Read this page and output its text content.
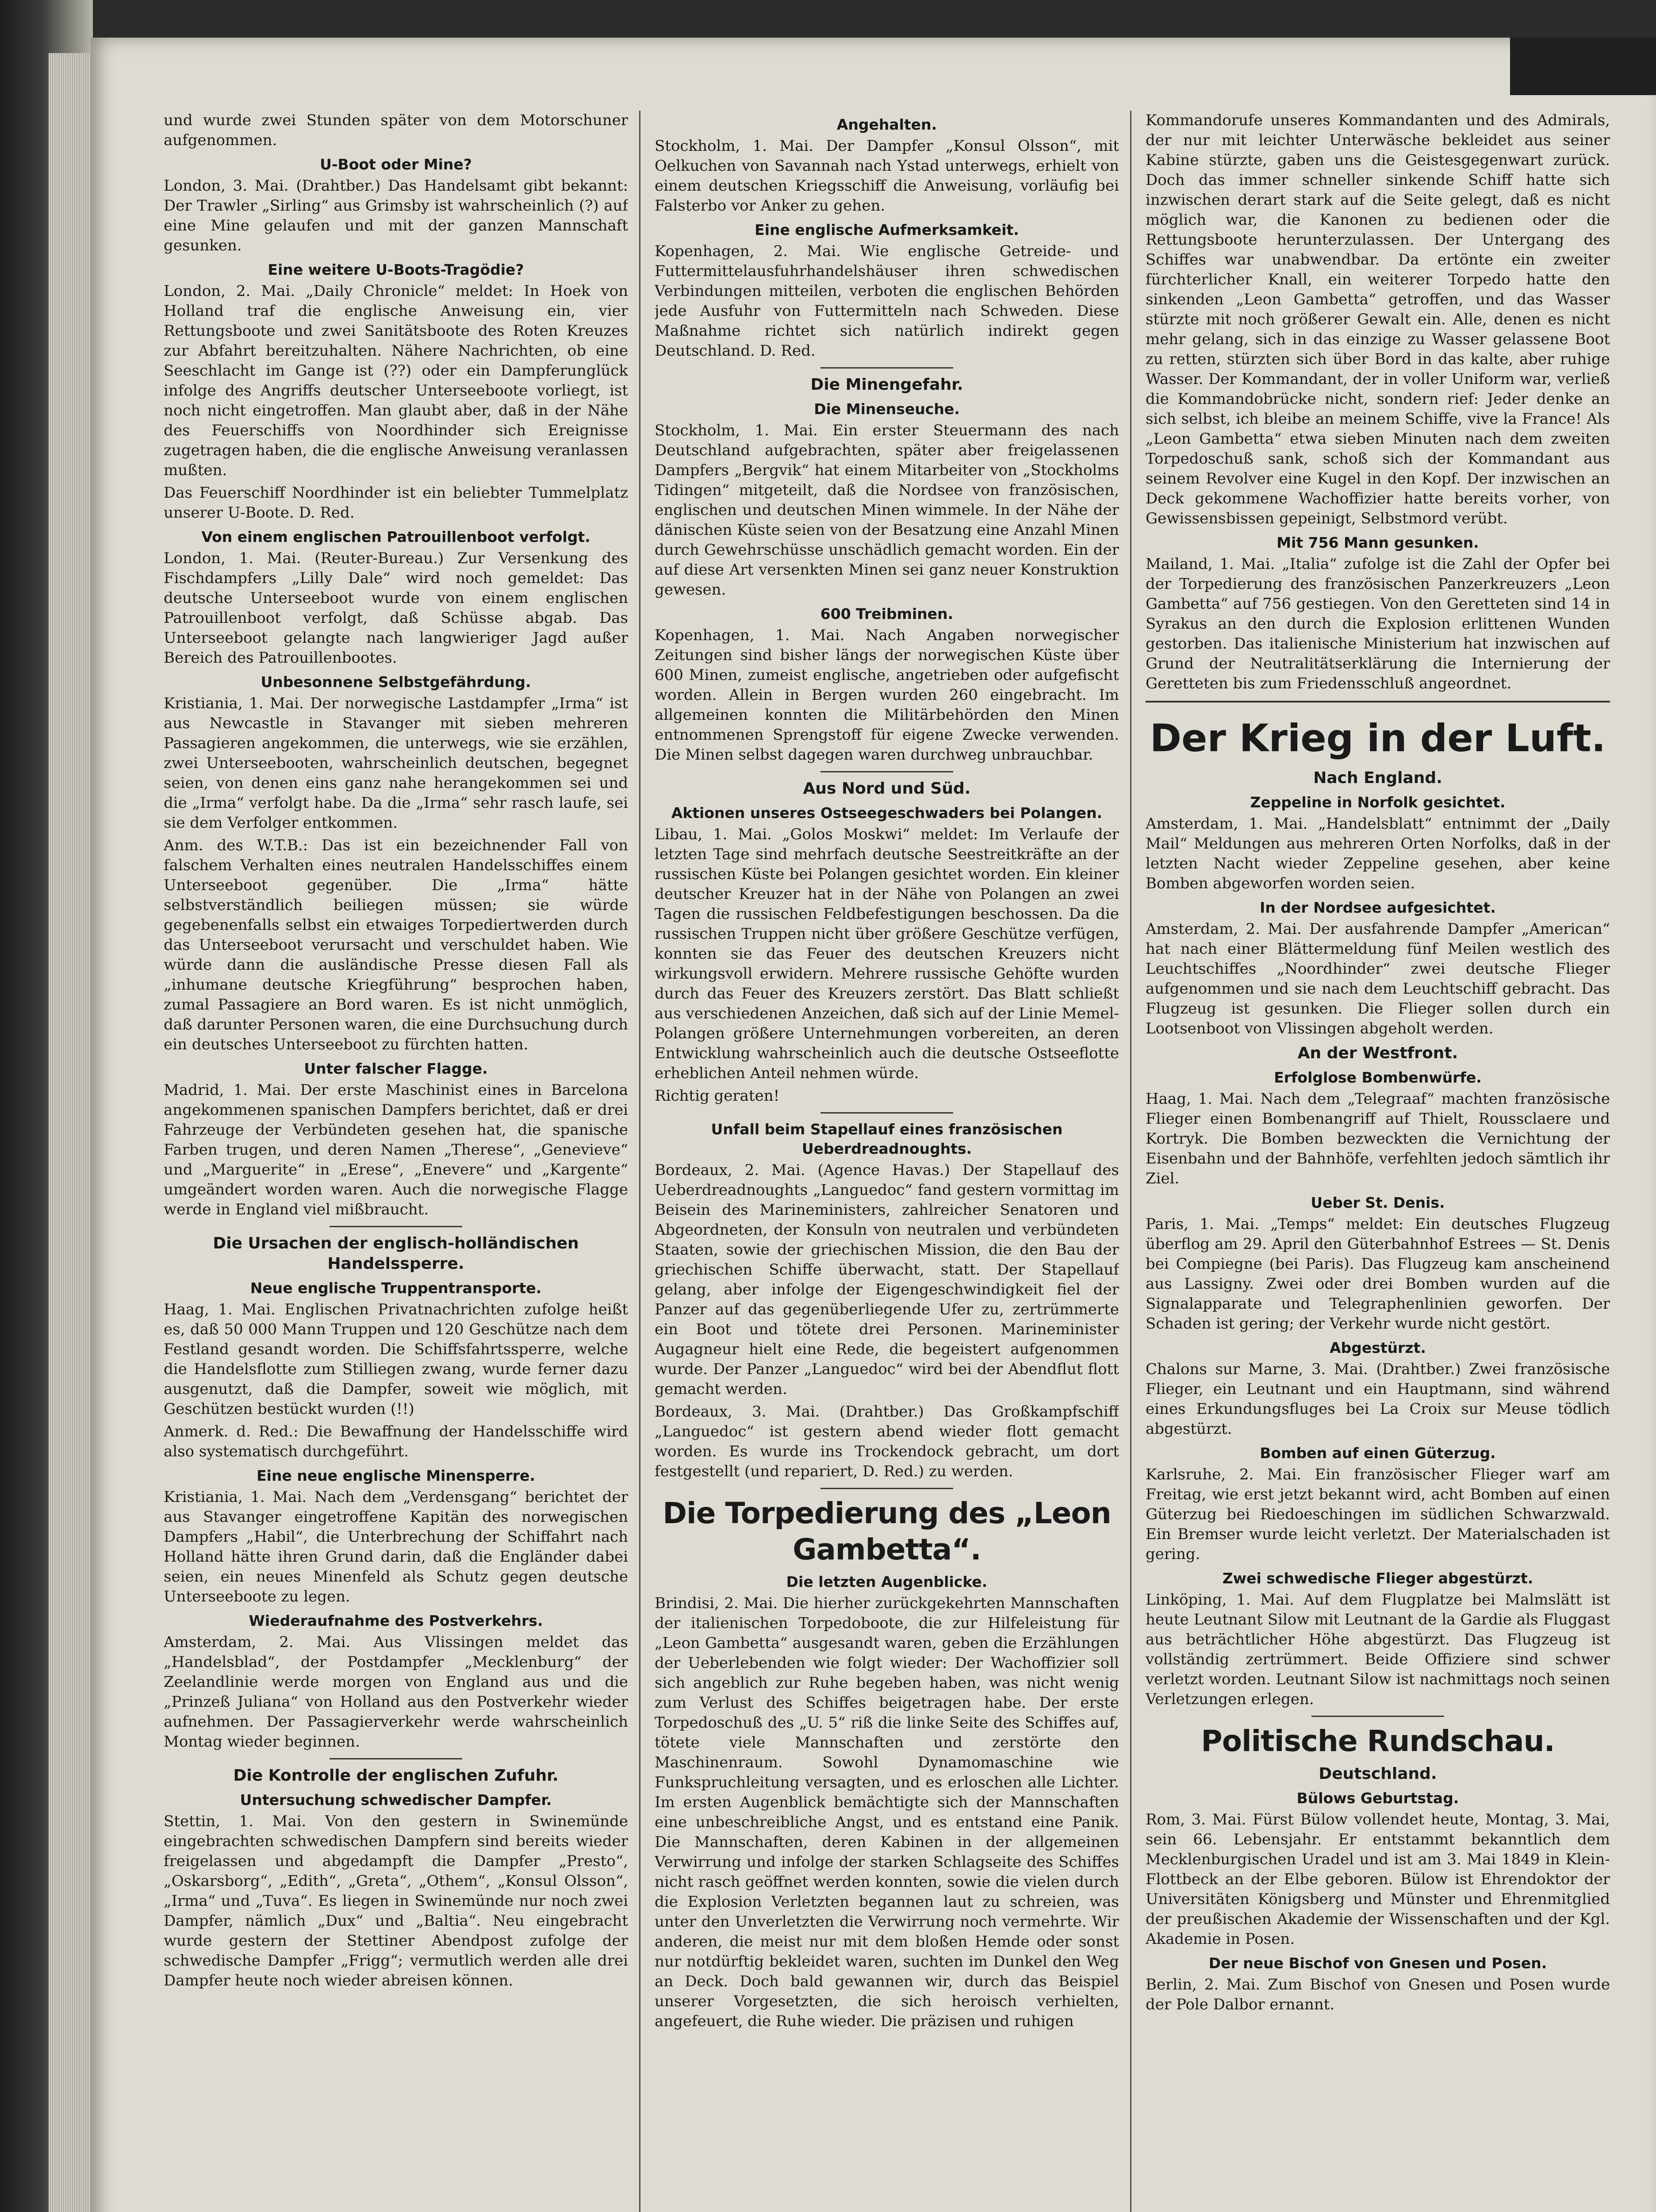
und wurde zwei Stunden später von dem Motorschuner aufgenommen.

U-Boot oder Mine?

London, 3. Mai. (Drahtber.) Das Handelsamt gibt bekannt: Der Trawler „Sirling“ aus Grimsby ist wahrscheinlich (?) auf eine Mine gelaufen und mit der ganzen Mannschaft gesunken.

Eine weitere U-Boots-Tragödie?

London, 2. Mai. „Daily Chronicle“ meldet: In Hoek von Holland traf die englische Anweisung ein, vier Rettungsboote und zwei Sanitätsboote des Roten Kreuzes zur Abfahrt bereitzuhalten. Nähere Nachrichten, ob eine Seeschlacht im Gange ist (??) oder ein Dampferunglück infolge des Angriffs deutscher Unterseeboote vorliegt, ist noch nicht eingetroffen. Man glaubt aber, daß in der Nähe des Feuerschiffs von Noordhinder sich Ereignisse zugetragen haben, die die englische Anweisung veranlassen mußten.

Das Feuerschiff Noordhinder ist ein beliebter Tummelplatz unserer U-Boote. D. Red.

Von einem englischen Patrouillenboot verfolgt.

London, 1. Mai. (Reuter-Bureau.) Zur Versenkung des Fischdampfers „Lilly Dale“ wird noch gemeldet: Das deutsche Unterseeboot wurde von einem englischen Patrouillenboot verfolgt, daß Schüsse abgab. Das Unterseeboot gelangte nach langwieriger Jagd außer Bereich des Patrouillenbootes.

Unbesonnene Selbstgefährdung.

Kristiania, 1. Mai. Der norwegische Lastdampfer „Irma“ ist aus Newcastle in Stavanger mit sieben mehreren Passagieren angekommen, die unterwegs, wie sie erzählen, zwei Unterseebooten, wahrscheinlich deutschen, begegnet seien, von denen eins ganz nahe herangekommen sei und die „Irma“ verfolgt habe. Da die „Irma“ sehr rasch laufe, sei sie dem Verfolger entkommen.

Anm. des W.T.B.: Das ist ein bezeichnender Fall von falschem Verhalten eines neutralen Handelsschiffes einem Unterseeboot gegenüber. Die „Irma“ hätte selbstverständlich beiliegen müssen; sie würde gegebenenfalls selbst ein etwaiges Torpediertwerden durch das Unterseeboot verursacht und verschuldet haben. Wie würde dann die ausländische Presse diesen Fall als „inhumane deutsche Kriegführung“ besprochen haben, zumal Passagiere an Bord waren. Es ist nicht unmöglich, daß darunter Personen waren, die eine Durchsuchung durch ein deutsches Unterseeboot zu fürchten hatten.

Unter falscher Flagge.

Madrid, 1. Mai. Der erste Maschinist eines in Barcelona angekommenen spanischen Dampfers berichtet, daß er drei Fahrzeuge der Verbündeten gesehen hat, die spanische Farben trugen, und deren Namen „Therese“, „Genevieve“ und „Marguerite“ in „Erese“, „Enevere“ und „Kargente“ umgeändert worden waren. Auch die norwegische Flagge werde in England viel mißbraucht.

Die Ursachen der englisch-holländischen Handelssperre.
Neue englische Truppentransporte.

Haag, 1. Mai. Englischen Privatnachrichten zufolge heißt es, daß 50 000 Mann Truppen und 120 Geschütze nach dem Festland gesandt worden. Die Schiffsfahrtssperre, welche die Handelsflotte zum Stilliegen zwang, wurde ferner dazu ausgenutzt, daß die Dampfer, soweit wie möglich, mit Geschützen bestückt wurden (!!)

Anmerk. d. Red.: Die Bewaffnung der Handelsschiffe wird also systematisch durchgeführt.

Eine neue englische Minensperre.

Kristiania, 1. Mai. Nach dem „Verdensgang“ berichtet der aus Stavanger eingetroffene Kapitän des norwegischen Dampfers „Habil“, die Unterbrechung der Schiffahrt nach Holland hätte ihren Grund darin, daß die Engländer dabei seien, ein neues Minenfeld als Schutz gegen deutsche Unterseeboote zu legen.

Wiederaufnahme des Postverkehrs.

Amsterdam, 2. Mai. Aus Vlissingen meldet das „Handelsblad“, der Postdampfer „Mecklenburg“ der Zeelandlinie werde morgen von England aus und die „Prinzeß Juliana“ von Holland aus den Postverkehr wieder aufnehmen. Der Passagierverkehr werde wahrscheinlich Montag wieder beginnen.

Die Kontrolle der englischen Zufuhr.
Untersuchung schwedischer Dampfer.

Stettin, 1. Mai. Von den gestern in Swinemünde eingebrachten schwedischen Dampfern sind bereits wieder freigelassen und abgedampft die Dampfer „Presto“, „Oskarsborg“, „Edith“, „Greta“, „Othem“, „Konsul Olsson“, „Irma“ und „Tuva“. Es liegen in Swinemünde nur noch zwei Dampfer, nämlich „Dux“ und „Baltia“. Neu eingebracht wurde gestern der Stettiner Abendpost zufolge der schwedische Dampfer „Frigg“; vermutlich werden alle drei Dampfer heute noch wieder abreisen können.

Angehalten.

Stockholm, 1. Mai. Der Dampfer „Konsul Olsson“, mit Oelkuchen von Savannah nach Ystad unterwegs, erhielt von einem deutschen Kriegsschiff die Anweisung, vorläufig bei Falsterbo vor Anker zu gehen.

Eine englische Aufmerksamkeit.

Kopenhagen, 2. Mai. Wie englische Getreide- und Futtermittelausfuhrhandelshäuser ihren schwedischen Verbindungen mitteilen, verboten die englischen Behörden jede Ausfuhr von Futtermitteln nach Schweden. Diese Maßnahme richtet sich natürlich indirekt gegen Deutschland. D. Red.

Die Minengefahr.
Die Minenseuche.

Stockholm, 1. Mai. Ein erster Steuermann des nach Deutschland aufgebrachten, später aber freigelassenen Dampfers „Bergvik“ hat einem Mitarbeiter von „Stockholms Tidingen“ mitgeteilt, daß die Nordsee von französischen, englischen und deutschen Minen wimmele. In der Nähe der dänischen Küste seien von der Besatzung eine Anzahl Minen durch Gewehrschüsse unschädlich gemacht worden. Ein der auf diese Art versenkten Minen sei ganz neuer Konstruktion gewesen.

600 Treibminen.

Kopenhagen, 1. Mai. Nach Angaben norwegischer Zeitungen sind bisher längs der norwegischen Küste über 600 Minen, zumeist englische, angetrieben oder aufgefischt worden. Allein in Bergen wurden 260 eingebracht. Im allgemeinen konnten die Militärbehörden den Minen entnommenen Sprengstoff für eigene Zwecke verwenden. Die Minen selbst dagegen waren durchweg unbrauchbar.

Aus Nord und Süd.
Aktionen unseres Ostseegeschwaders bei Polangen.

Libau, 1. Mai. „Golos Moskwi“ meldet: Im Verlaufe der letzten Tage sind mehrfach deutsche Seestreitkräfte an der russischen Küste bei Polangen gesichtet worden. Ein kleiner deutscher Kreuzer hat in der Nähe von Polangen an zwei Tagen die russischen Feldbefestigungen beschossen. Da die russischen Truppen nicht über größere Geschütze verfügen, konnten sie das Feuer des deutschen Kreuzers nicht wirkungsvoll erwidern. Mehrere russische Gehöfte wurden durch das Feuer des Kreuzers zerstört. Das Blatt schließt aus verschiedenen Anzeichen, daß sich auf der Linie Memel-Polangen größere Unternehmungen vorbereiten, an deren Entwicklung wahrscheinlich auch die deutsche Ostseeflotte erheblichen Anteil nehmen würde.

Richtig geraten!

Unfall beim Stapellauf eines französischen Ueberdreadnoughts.

Bordeaux, 2. Mai. (Agence Havas.) Der Stapellauf des Ueberdreadnoughts „Languedoc“ fand gestern vormittag im Beisein des Marineministers, zahlreicher Senatoren und Abgeordneten, der Konsuln von neutralen und verbündeten Staaten, sowie der griechischen Mission, die den Bau der griechischen Schiffe überwacht, statt. Der Stapellauf gelang, aber infolge der Eigengeschwindigkeit fiel der Panzer auf das gegenüberliegende Ufer zu, zertrümmerte ein Boot und tötete drei Personen. Marineminister Augagneur hielt eine Rede, die begeistert aufgenommen wurde. Der Panzer „Languedoc“ wird bei der Abendflut flott gemacht werden.

Bordeaux, 3. Mai. (Drahtber.) Das Großkampfschiff „Languedoc“ ist gestern abend wieder flott gemacht worden. Es wurde ins Trockendock gebracht, um dort festgestellt (und repariert, D. Red.) zu werden.

Die Torpedierung des „Leon Gambetta“.
Die letzten Augenblicke.

Brindisi, 2. Mai. Die hierher zurückgekehrten Mannschaften der italienischen Torpedoboote, die zur Hilfeleistung für „Leon Gambetta“ ausgesandt waren, geben die Erzählungen der Ueberlebenden wie folgt wieder: Der Wachoffizier soll sich angeblich zur Ruhe begeben haben, was nicht wenig zum Verlust des Schiffes beigetragen habe. Der erste Torpedoschuß des „U. 5“ riß die linke Seite des Schiffes auf, tötete viele Mannschaften und zerstörte den Maschinenraum. Sowohl Dynamomaschine wie Funkspruchleitung versagten, und es erloschen alle Lichter. Im ersten Augenblick bemächtigte sich der Mannschaften eine unbeschreibliche Angst, und es entstand eine Panik. Die Mannschaften, deren Kabinen in der allgemeinen Verwirrung und infolge der starken Schlagseite des Schiffes nicht rasch geöffnet werden konnten, sowie die vielen durch die Explosion Verletzten begannen laut zu schreien, was unter den Unverletzten die Verwirrung noch vermehrte. Wir anderen, die meist nur mit dem bloßen Hemde oder sonst nur notdürftig bekleidet waren, suchten im Dunkel den Weg an Deck. Doch bald gewannen wir, durch das Beispiel unserer Vorgesetzten, die sich heroisch verhielten, angefeuert, die Ruhe wieder. Die präzisen und ruhigen

Kommandorufe unseres Kommandanten und des Admirals, der nur mit leichter Unterwäsche bekleidet aus seiner Kabine stürzte, gaben uns die Geistesgegenwart zurück. Doch das immer schneller sinkende Schiff hatte sich inzwischen derart stark auf die Seite gelegt, daß es nicht möglich war, die Kanonen zu bedienen oder die Rettungsboote herunterzulassen. Der Untergang des Schiffes war unabwendbar. Da ertönte ein zweiter fürchterlicher Knall, ein weiterer Torpedo hatte den sinkenden „Leon Gambetta“ getroffen, und das Wasser stürzte mit noch größerer Gewalt ein. Alle, denen es nicht mehr gelang, sich in das einzige zu Wasser gelassene Boot zu retten, stürzten sich über Bord in das kalte, aber ruhige Wasser. Der Kommandant, der in voller Uniform war, verließ die Kommandobrücke nicht, sondern rief: Jeder denke an sich selbst, ich bleibe an meinem Schiffe, vive la France! Als „Leon Gambetta“ etwa sieben Minuten nach dem zweiten Torpedoschuß sank, schoß sich der Kommandant aus seinem Revolver eine Kugel in den Kopf. Der inzwischen an Deck gekommene Wachoffizier hatte bereits vorher, von Gewissensbissen gepeinigt, Selbstmord verübt.

Mit 756 Mann gesunken.

Mailand, 1. Mai. „Italia“ zufolge ist die Zahl der Opfer bei der Torpedierung des französischen Panzerkreuzers „Leon Gambetta“ auf 756 gestiegen. Von den Geretteten sind 14 in Syrakus an den durch die Explosion erlittenen Wunden gestorben. Das italienische Ministerium hat inzwischen auf Grund der Neutralitätserklärung die Internierung der Geretteten bis zum Friedensschluß angeordnet.

Der Krieg in der Luft.
Nach England.
Zeppeline in Norfolk gesichtet.

Amsterdam, 1. Mai. „Handelsblatt“ entnimmt der „Daily Mail“ Meldungen aus mehreren Orten Norfolks, daß in der letzten Nacht wieder Zeppeline gesehen, aber keine Bomben abgeworfen worden seien.

In der Nordsee aufgesichtet.

Amsterdam, 2. Mai. Der ausfahrende Dampfer „American“ hat nach einer Blättermeldung fünf Meilen westlich des Leuchtschiffes „Noordhinder“ zwei deutsche Flieger aufgenommen und sie nach dem Leuchtschiff gebracht. Das Flugzeug ist gesunken. Die Flieger sollen durch ein Lootsenboot von Vlissingen abgeholt werden.

An der Westfront.
Erfolglose Bombenwürfe.

Haag, 1. Mai. Nach dem „Telegraaf“ machten französische Flieger einen Bombenangriff auf Thielt, Roussclaere und Kortryk. Die Bomben bezweckten die Vernichtung der Eisenbahn und der Bahnhöfe, verfehlten jedoch sämtlich ihr Ziel.

Ueber St. Denis.

Paris, 1. Mai. „Temps“ meldet: Ein deutsches Flugzeug überflog am 29. April den Güterbahnhof Estrees — St. Denis bei Compiegne (bei Paris). Das Flugzeug kam anscheinend aus Lassigny. Zwei oder drei Bomben wurden auf die Signalapparate und Telegraphenlinien geworfen. Der Schaden ist gering; der Verkehr wurde nicht gestört.

Abgestürzt.

Chalons sur Marne, 3. Mai. (Drahtber.) Zwei französische Flieger, ein Leutnant und ein Hauptmann, sind während eines Erkundungsfluges bei La Croix sur Meuse tödlich abgestürzt.

Bomben auf einen Güterzug.

Karlsruhe, 2. Mai. Ein französischer Flieger warf am Freitag, wie erst jetzt bekannt wird, acht Bomben auf einen Güterzug bei Riedoeschingen im südlichen Schwarzwald. Ein Bremser wurde leicht verletzt. Der Materialschaden ist gering.

Zwei schwedische Flieger abgestürzt.

Linköping, 1. Mai. Auf dem Flugplatze bei Malmslätt ist heute Leutnant Silow mit Leutnant de la Gardie als Fluggast aus beträchtlicher Höhe abgestürzt. Das Flugzeug ist vollständig zertrümmert. Beide Offiziere sind schwer verletzt worden. Leutnant Silow ist nachmittags noch seinen Verletzungen erlegen.

Politische Rundschau.
Deutschland.
Bülows Geburtstag.

Rom, 3. Mai. Fürst Bülow vollendet heute, Montag, 3. Mai, sein 66. Lebensjahr. Er entstammt bekanntlich dem Mecklenburgischen Uradel und ist am 3. Mai 1849 in Klein-Flottbeck an der Elbe geboren. Bülow ist Ehrendoktor der Universitäten Königsberg und Münster und Ehrenmitglied der preußischen Akademie der Wissenschaften und der Kgl. Akademie in Posen.

Der neue Bischof von Gnesen und Posen.

Berlin, 2. Mai. Zum Bischof von Gnesen und Posen wurde der Pole Dalbor ernannt.
